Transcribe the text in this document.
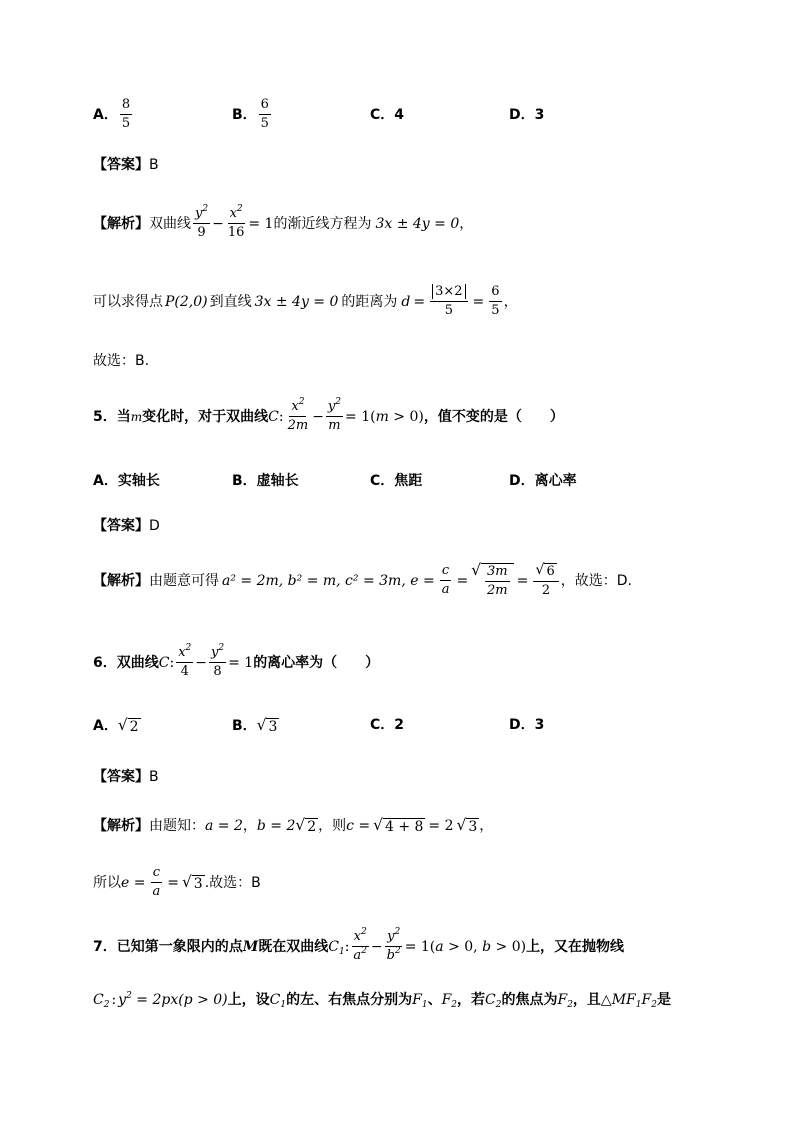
A． $\frac{8}{5}$	B． $\frac{6}{5}$	C． 4	D． 3
【答案】 B
【解析】 双曲线 $\frac{y^2}{9} - \frac{x^2}{16} = 1$ 的渐近线方程为 3x ± 4y = 0 ，
可以求得点 P(2,0) 到直线 3x ± 4y = 0 的距离为 $d = \frac{3\times 2}{5} = \frac{6}{5}$ ，
故选：B.
5．当 m 变化时，对于双曲线 C : $\frac{x^2}{2m} - \frac{y^2}{m} = 1(m > 0)$ ，值不变的是（　　）
A．实轴长	B．虚轴长	C．焦距	D．离心率
【答案】 D
【解析】 由题意可得 a² = 2m, b² = m, c² = 3m, $e = \frac{c}{a}$ =
√ $\frac{3m}{2m} = \frac{√ 6}{2}$ ，故选：D.
6．双曲线 C : $\frac{x^2}{4} - \frac{y^2}{8} = 1$ 的离心率为（　　）
A． √ 2	B． √ 3	C．2	D．3
【答案】 B
【解析】 由题知： a = 2 ， b = 2 √ 2 ，则 c = √ 4 + 8 = 2 √ 3 ，
所以 $e = \frac{c}{a}$ = √ 3 .故选：B
7．已知第一象限内的点 M 既在双曲线 $C_1$ : $\frac{x^2}{a^2} - \frac{y^2}{b^2} = 1(a > 0$, b > 0) 上，又在抛物线
$C_2$ : $y^2 = 2px(p > 0)$ 上，设 $C_1$ 的左、右焦点分别为 $F_1$ 、 $F_2$ ，若 $C_2$ 的焦点为 $F_2$ ，且 $\triangle MF_1F_2$ 是
